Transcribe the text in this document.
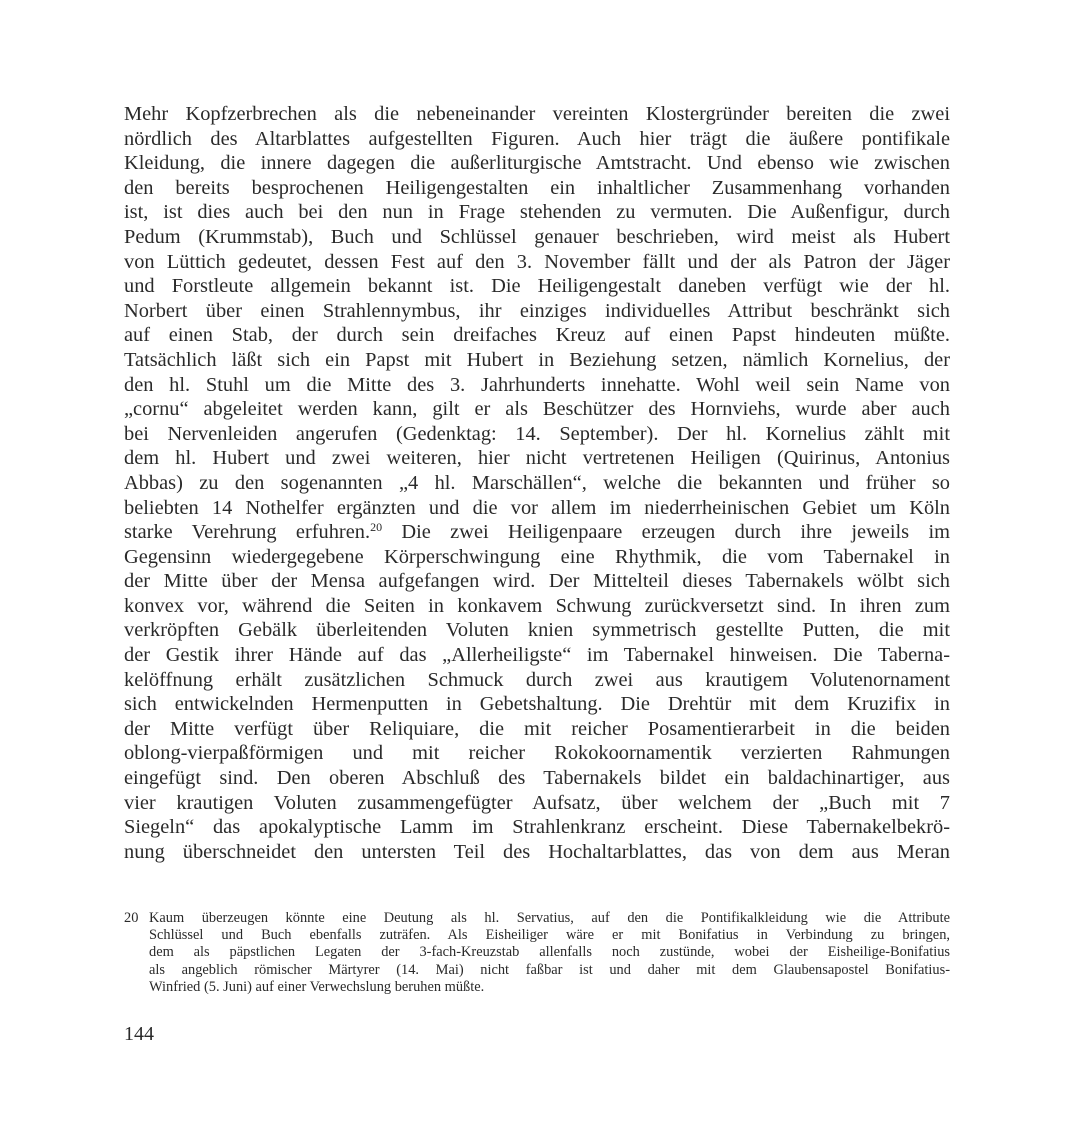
Mehr Kopfzerbrechen als die nebeneinander vereinten Klostergründer bereiten die zwei
nördlich des Altarblattes aufgestellten Figuren. Auch hier trägt die äußere pontifikale
Kleidung, die innere dagegen die außerliturgische Amtstracht. Und ebenso wie zwischen
den bereits besprochenen Heiligengestalten ein inhaltlicher Zusammenhang vorhanden
ist, ist dies auch bei den nun in Frage stehenden zu vermuten. Die Außenfigur, durch
Pedum (Krummstab), Buch und Schlüssel genauer beschrieben, wird meist als Hubert
von Lüttich gedeutet, dessen Fest auf den 3. November fällt und der als Patron der Jäger
und Forstleute allgemein bekannt ist. Die Heiligengestalt daneben verfügt wie der hl.
Norbert über einen Strahlennymbus, ihr einziges individuelles Attribut beschränkt sich
auf einen Stab, der durch sein dreifaches Kreuz auf einen Papst hindeuten müßte.
Tatsächlich läßt sich ein Papst mit Hubert in Beziehung setzen, nämlich Kornelius, der
den hl. Stuhl um die Mitte des 3. Jahrhunderts innehatte. Wohl weil sein Name von
„cornu“ abgeleitet werden kann, gilt er als Beschützer des Hornviehs, wurde aber auch
bei Nervenleiden angerufen (Gedenktag: 14. September). Der hl. Kornelius zählt mit
dem hl. Hubert und zwei weiteren, hier nicht vertretenen Heiligen (Quirinus, Antonius
Abbas) zu den sogenannten „4 hl. Marschällen“, welche die bekannten und früher so
beliebten 14 Nothelfer ergänzten und die vor allem im niederrheinischen Gebiet um Köln
starke Verehrung erfuhren.$^{20}$ Die zwei Heiligenpaare erzeugen durch ihre jeweils im
Gegensinn wiedergegebene Körperschwingung eine Rhythmik, die vom Tabernakel in
der Mitte über der Mensa aufgefangen wird. Der Mittelteil dieses Tabernakels wölbt sich
konvex vor, während die Seiten in konkavem Schwung zurückversetzt sind. In ihren zum
verkröpften Gebälk überleitenden Voluten knien symmetrisch gestellte Putten, die mit
der Gestik ihrer Hände auf das „Allerheiligste“ im Tabernakel hinweisen. Die Taberna-
kelöffnung erhält zusätzlichen Schmuck durch zwei aus krautigem Volutenornament
sich entwickelnden Hermenputten in Gebetshaltung. Die Drehtür mit dem Kruzifix in
der Mitte verfügt über Reliquiare, die mit reicher Posamentierarbeit in die beiden
oblong-vierpaßförmigen und mit reicher Rokokoornamentik verzierten Rahmungen
eingefügt sind. Den oberen Abschluß des Tabernakels bildet ein baldachinartiger, aus
vier krautigen Voluten zusammengefügter Aufsatz, über welchem der „Buch mit 7
Siegeln“ das apokalyptische Lamm im Strahlenkranz erscheint. Diese Tabernakelbekrö-
nung überschneidet den untersten Teil des Hochaltarblattes, das von dem aus Meran
20 Kaum überzeugen könnte eine Deutung als hl. Servatius, auf den die Pontifikalkleidung wie die Attribute
Schlüssel und Buch ebenfalls zuträfen. Als Eisheiliger wäre er mit Bonifatius in Verbindung zu bringen,
dem als päpstlichen Legaten der 3-fach-Kreuzstab allenfalls noch zustünde, wobei der Eisheilige-Bonifatius
als angeblich römischer Märtyrer (14. Mai) nicht faßbar ist und daher mit dem Glaubensapostel Bonifatius-
Winfried (5. Juni) auf einer Verwechslung beruhen müßte.
144
